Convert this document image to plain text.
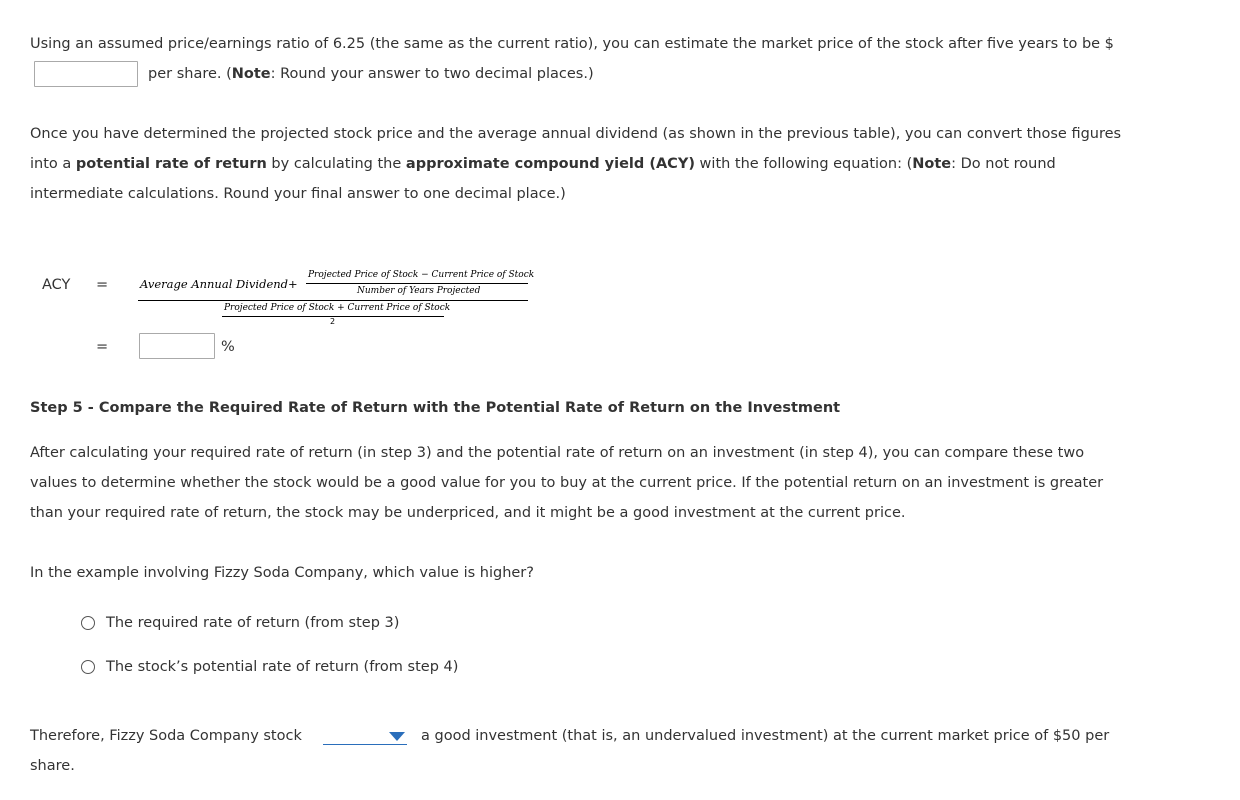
Using an assumed price/earnings ratio of 6.25 (the same as the current ratio), you can estimate the market price of the stock after five years to be $
per share. (Note: Round your answer to two decimal places.)
Once you have determined the projected stock price and the average annual dividend (as shown in the previous table), you can convert those figures
into a potential rate of return by calculating the approximate compound yield (ACY) with the following equation: (Note: Do not round
intermediate calculations. Round your final answer to one decimal place.)
ACY =	Average Annual Dividend+
Projected Price of Stock − Current Price of Stock
Number of Years Projected
Projected Price of Stock + Current Price of Stock
2
=	%
Step 5 - Compare the Required Rate of Return with the Potential Rate of Return on the Investment
After calculating your required rate of return (in step 3) and the potential rate of return on an investment (in step 4), you can compare these two
values to determine whether the stock would be a good value for you to buy at the current price. If the potential return on an investment is greater
than your required rate of return, the stock may be underpriced, and it might be a good investment at the current price.
In the example involving Fizzy Soda Company, which value is higher?
The required rate of return (from step 3)
The stock’s potential rate of return (from step 4)
Therefore, Fizzy Soda Company stock	a good investment (that is, an undervalued investment) at the current market price of $50 per
share.
